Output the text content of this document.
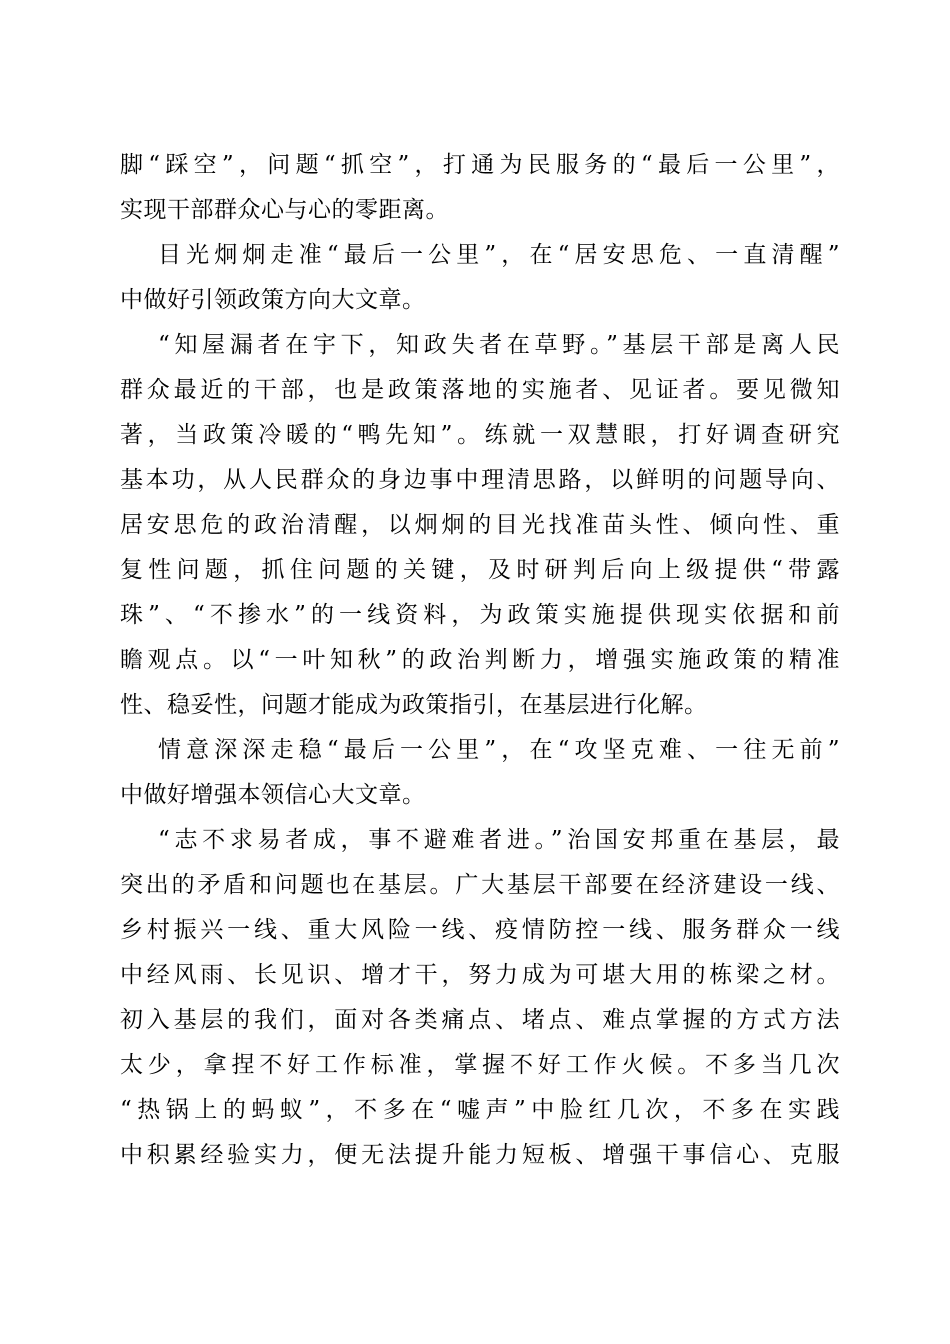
脚“踩空”，问题“抓空”，打通为民服务的“最后一公里”，
实现干部群众心与心的零距离。
目光炯炯走准“最后一公里”，在“居安思危、一直清醒”
中做好引领政策方向大文章。
“知屋漏者在宇下，知政失者在草野。”基层干部是离人民
群众最近的干部，也是政策落地的实施者、见证者。要见微知
著，当政策冷暖的“鸭先知”。练就一双慧眼，打好调查研究
基本功，从人民群众的身边事中理清思路，以鲜明的问题导向、
居安思危的政治清醒，以炯炯的目光找准苗头性、倾向性、重
复性问题，抓住问题的关键，及时研判后向上级提供“带露
珠”、“不掺水”的一线资料，为政策实施提供现实依据和前
瞻观点。以“一叶知秋”的政治判断力，增强实施政策的精准
性、稳妥性，问题才能成为政策指引，在基层进行化解。
情意深深走稳“最后一公里”，在“攻坚克难、一往无前”
中做好增强本领信心大文章。
“志不求易者成，事不避难者进。”治国安邦重在基层，最
突出的矛盾和问题也在基层。广大基层干部要在经济建设一线、
乡村振兴一线、重大风险一线、疫情防控一线、服务群众一线
中经风雨、长见识、增才干，努力成为可堪大用的栋梁之材。
初入基层的我们，面对各类痛点、堵点、难点掌握的方式方法
太少，拿捏不好工作标准，掌握不好工作火候。不多当几次
“热锅上的蚂蚁”，不多在“嘘声”中脸红几次，不多在实践
中积累经验实力，便无法提升能力短板、增强干事信心、克服
